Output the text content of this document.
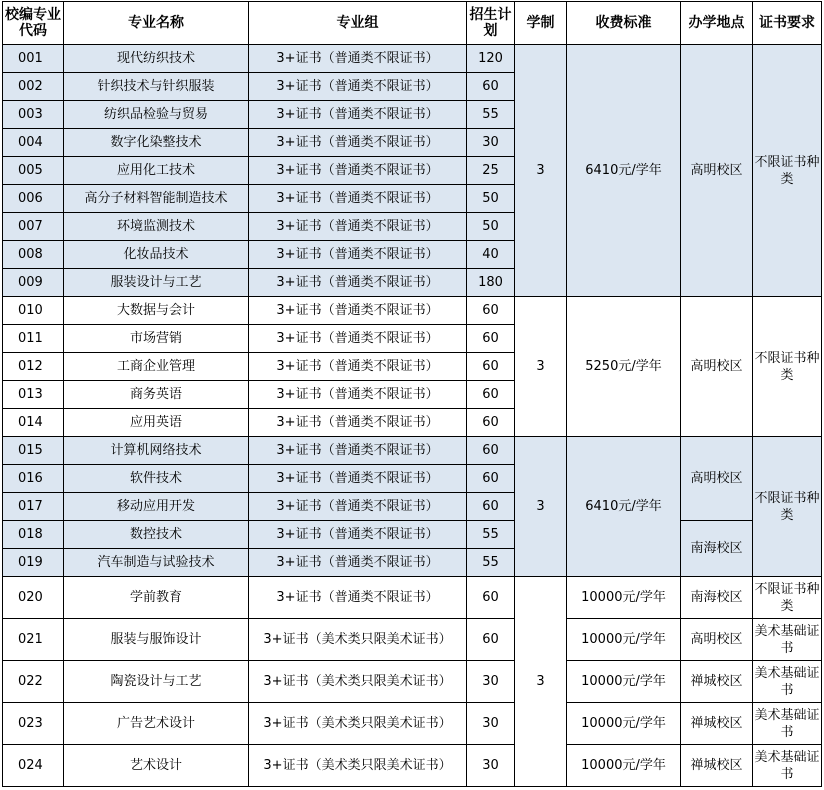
校编专业代码	专业名称	专业组	招生计划	学制	收费标准	办学地点	证书要求
001	现代纺织技术	3+证书（普通类不限证书）	120	3	6410元/学年	高明校区	不限证书种类
002	针织技术与针织服装	3+证书（普通类不限证书）	60				
003	纺织品检验与贸易	3+证书（普通类不限证书）	55				
004	数字化染整技术	3+证书（普通类不限证书）	30				
005	应用化工技术	3+证书（普通类不限证书）	25				
006	高分子材料智能制造技术	3+证书（普通类不限证书）	50				
007	环境监测技术	3+证书（普通类不限证书）	50				
008	化妆品技术	3+证书（普通类不限证书）	40				
009	服装设计与工艺	3+证书（普通类不限证书）	180				
010	大数据与会计	3+证书（普通类不限证书）	60	3	5250元/学年	高明校区	不限证书种类
011	市场营销	3+证书（普通类不限证书）	60				
012	工商企业管理	3+证书（普通类不限证书）	60				
013	商务英语	3+证书（普通类不限证书）	60				
014	应用英语	3+证书（普通类不限证书）	60				
015	计算机网络技术	3+证书（普通类不限证书）	60	3	6410元/学年	高明校区	不限证书种类
016	软件技术	3+证书（普通类不限证书）	60				
017	移动应用开发	3+证书（普通类不限证书）	60				
018	数控技术	3+证书（普通类不限证书）	55			南海校区	
019	汽车制造与试验技术	3+证书（普通类不限证书）	55				
020	学前教育	3+证书（普通类不限证书）	60	3	10000元/学年	南海校区	不限证书种类
021	服装与服饰设计	3+证书（美术类只限美术证书）	60		10000元/学年	高明校区	美术基础证书
022	陶瓷设计与工艺	3+证书（美术类只限美术证书）	30		10000元/学年	禅城校区	美术基础证书
023	广告艺术设计	3+证书（美术类只限美术证书）	30		10000元/学年	禅城校区	美术基础证书
024	艺术设计	3+证书（美术类只限美术证书）	30		10000元/学年	禅城校区	美术基础证书
